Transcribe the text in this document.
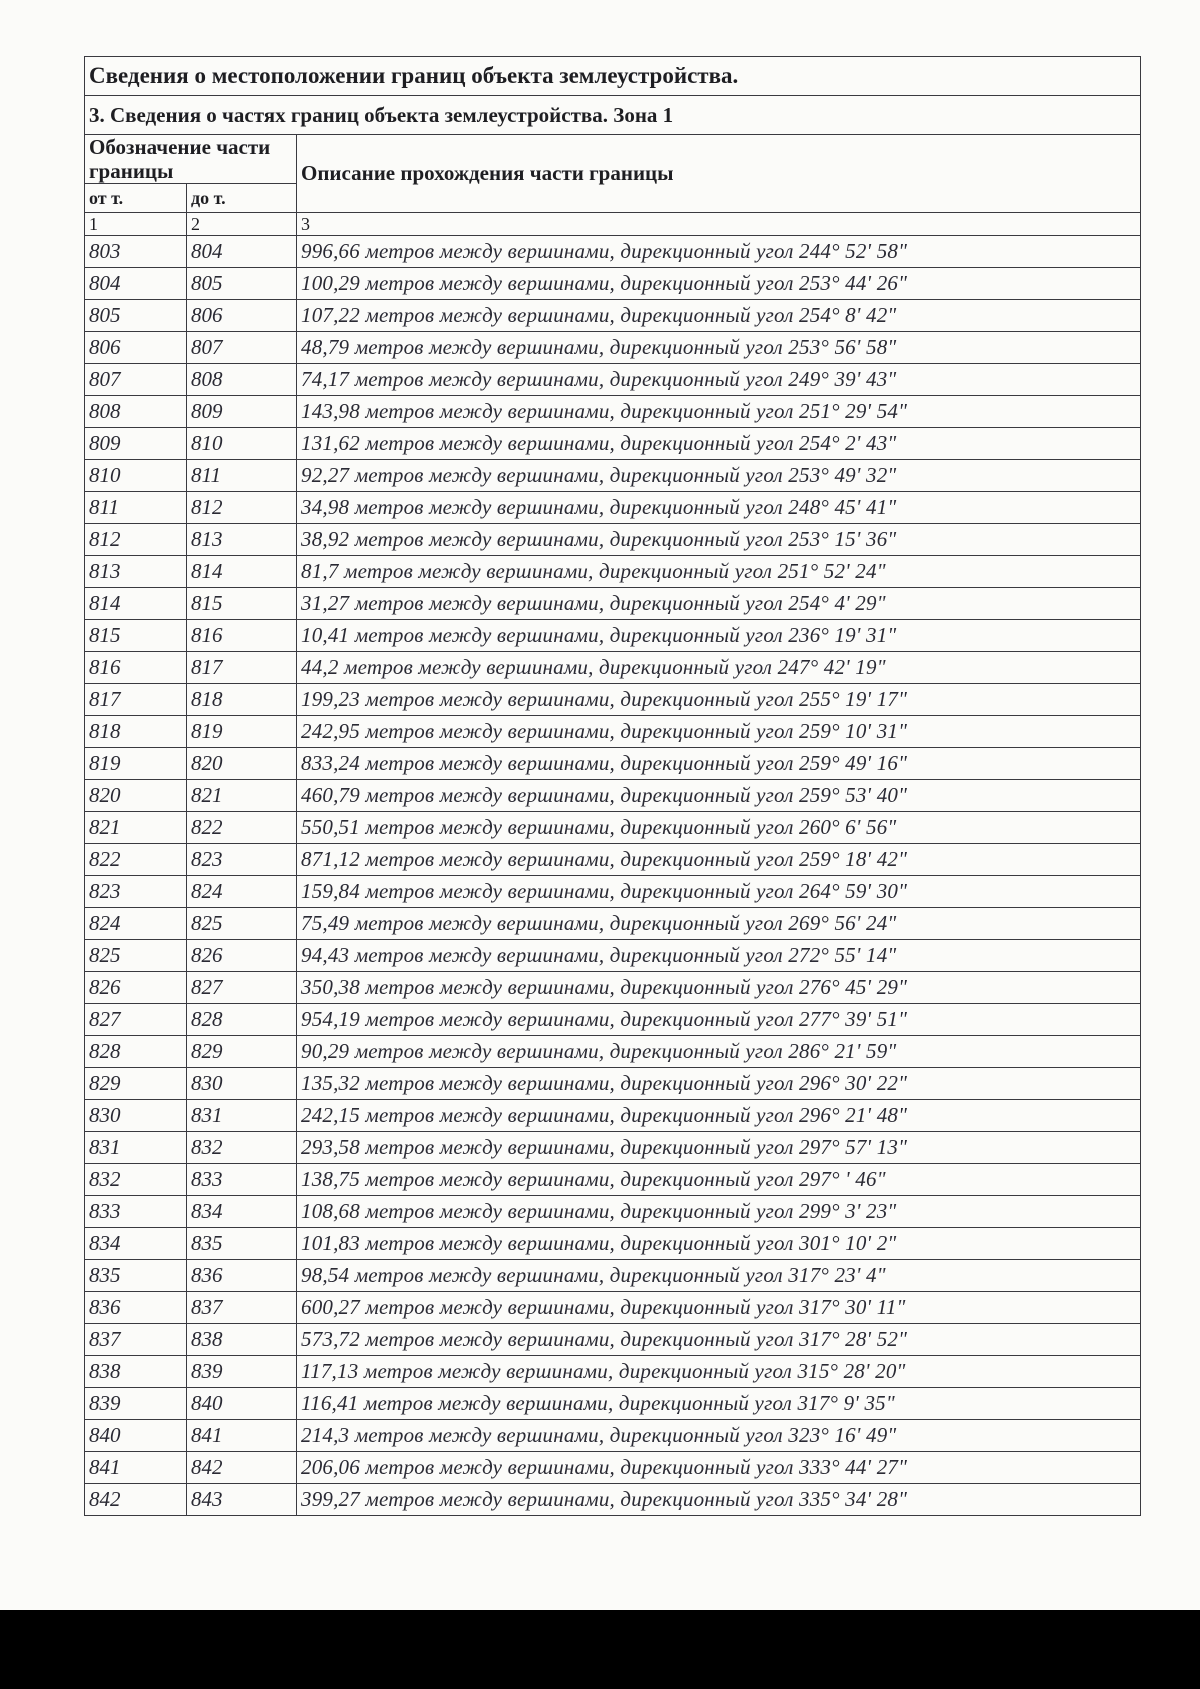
Сведения о местоположении границ объекта землеустройства.		
3. Сведения о частях границ объекта землеустройства. Зона 1		
Обозначение части границы		Описание прохождения части границы
от т.	до т.	
1	2	3
803	804	996,66 метров между вершинами, дирекционный угол 244° 52' 58"
804	805	100,29 метров между вершинами, дирекционный угол 253° 44' 26"
805	806	107,22 метров между вершинами, дирекционный угол 254° 8' 42"
806	807	48,79 метров между вершинами, дирекционный угол 253° 56' 58"
807	808	74,17 метров между вершинами, дирекционный угол 249° 39' 43"
808	809	143,98 метров между вершинами, дирекционный угол 251° 29' 54"
809	810	131,62 метров между вершинами, дирекционный угол 254° 2' 43"
810	811	92,27 метров между вершинами, дирекционный угол 253° 49' 32"
811	812	34,98 метров между вершинами, дирекционный угол 248° 45' 41"
812	813	38,92 метров между вершинами, дирекционный угол 253° 15' 36"
813	814	81,7 метров между вершинами, дирекционный угол 251° 52' 24"
814	815	31,27 метров между вершинами, дирекционный угол 254° 4' 29"
815	816	10,41 метров между вершинами, дирекционный угол 236° 19' 31"
816	817	44,2 метров между вершинами, дирекционный угол 247° 42' 19"
817	818	199,23 метров между вершинами, дирекционный угол 255° 19' 17"
818	819	242,95 метров между вершинами, дирекционный угол 259° 10' 31"
819	820	833,24 метров между вершинами, дирекционный угол 259° 49' 16"
820	821	460,79 метров между вершинами, дирекционный угол 259° 53' 40"
821	822	550,51 метров между вершинами, дирекционный угол 260° 6' 56"
822	823	871,12 метров между вершинами, дирекционный угол 259° 18' 42"
823	824	159,84 метров между вершинами, дирекционный угол 264° 59' 30"
824	825	75,49 метров между вершинами, дирекционный угол 269° 56' 24"
825	826	94,43 метров между вершинами, дирекционный угол 272° 55' 14"
826	827	350,38 метров между вершинами, дирекционный угол 276° 45' 29"
827	828	954,19 метров между вершинами, дирекционный угол 277° 39' 51"
828	829	90,29 метров между вершинами, дирекционный угол 286° 21' 59"
829	830	135,32 метров между вершинами, дирекционный угол 296° 30' 22"
830	831	242,15 метров между вершинами, дирекционный угол 296° 21' 48"
831	832	293,58 метров между вершинами, дирекционный угол 297° 57' 13"
832	833	138,75 метров между вершинами, дирекционный угол 297° ' 46"
833	834	108,68 метров между вершинами, дирекционный угол 299° 3' 23"
834	835	101,83 метров между вершинами, дирекционный угол 301° 10' 2"
835	836	98,54 метров между вершинами, дирекционный угол 317° 23' 4"
836	837	600,27 метров между вершинами, дирекционный угол 317° 30' 11"
837	838	573,72 метров между вершинами, дирекционный угол 317° 28' 52"
838	839	117,13 метров между вершинами, дирекционный угол 315° 28' 20"
839	840	116,41 метров между вершинами, дирекционный угол 317° 9' 35"
840	841	214,3 метров между вершинами, дирекционный угол 323° 16' 49"
841	842	206,06 метров между вершинами, дирекционный угол 333° 44' 27"
842	843	399,27 метров между вершинами, дирекционный угол 335° 34' 28"
